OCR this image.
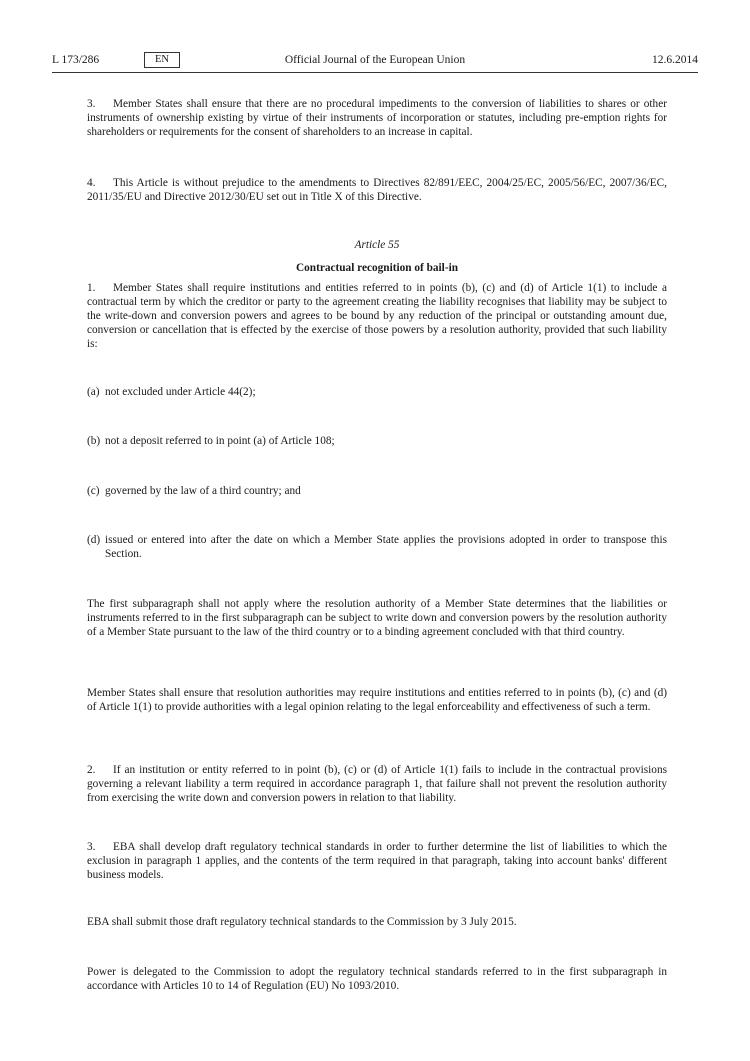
L 173/286	EN	Official Journal of the European Union	12.6.2014

3. Member States shall ensure that there are no procedural impediments to the conversion of liabilities to shares or other instruments of ownership existing by virtue of their instruments of incorporation or statutes, including pre-emption rights for shareholders or requirements for the consent of shareholders to an increase in capital.

4. This Article is without prejudice to the amendments to Directives 82/891/EEC, 2004/25/EC, 2005/56/EC, 2007/36/EC, 2011/35/EU and Directive 2012/30/EU set out in Title X of this Directive.

Article 55
Contractual recognition of bail-in

1. Member States shall require institutions and entities referred to in points (b), (c) and (d) of Article 1(1) to include a contractual term by which the creditor or party to the agreement creating the liability recognises that liability may be subject to the write-down and conversion powers and agrees to be bound by any reduction of the principal or outstanding amount due, conversion or cancellation that is effected by the exercise of those powers by a resolution authority, provided that such liability is:

(a) not excluded under Article 44(2);
(b) not a deposit referred to in point (a) of Article 108;
(c) governed by the law of a third country; and
(d) issued or entered into after the date on which a Member State applies the provisions adopted in order to transpose this Section.

The first subparagraph shall not apply where the resolution authority of a Member State determines that the liabilities or instruments referred to in the first subparagraph can be subject to write down and conversion powers by the resolution authority of a Member State pursuant to the law of the third country or to a binding agreement concluded with that third country.

Member States shall ensure that resolution authorities may require institutions and entities referred to in points (b), (c) and (d) of Article 1(1) to provide authorities with a legal opinion relating to the legal enforceability and effectiveness of such a term.

2. If an institution or entity referred to in point (b), (c) or (d) of Article 1(1) fails to include in the contractual provisions governing a relevant liability a term required in accordance paragraph 1, that failure shall not prevent the resolution authority from exercising the write down and conversion powers in relation to that liability.

3. EBA shall develop draft regulatory technical standards in order to further determine the list of liabilities to which the exclusion in paragraph 1 applies, and the contents of the term required in that paragraph, taking into account banks' different business models.

EBA shall submit those draft regulatory technical standards to the Commission by 3 July 2015.

Power is delegated to the Commission to adopt the regulatory technical standards referred to in the first subparagraph in accordance with Articles 10 to 14 of Regulation (EU) No 1093/2010.
